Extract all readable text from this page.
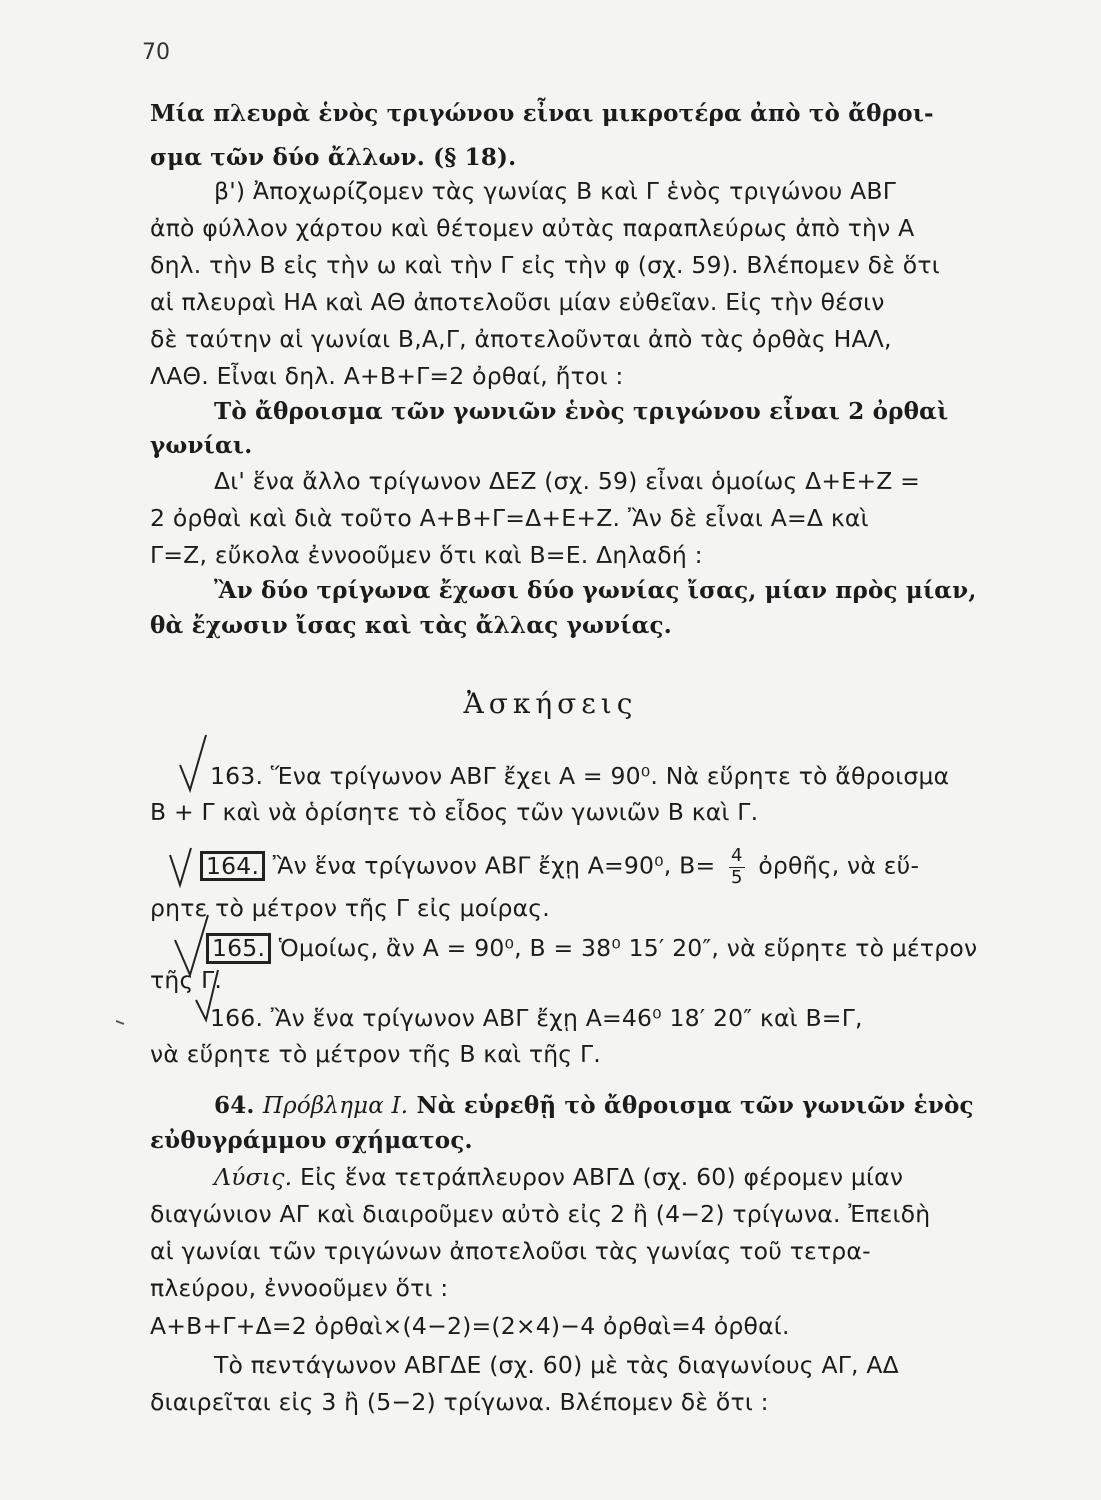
70
Μία πλευρὰ ἑνὸς τριγώνου εἶναι μικροτέρα ἀπὸ τὸ ἄθροι-
σμα τῶν δύο ἄλλων. (§ 18).
β') Ἀποχωρίζομεν τὰς γωνίας Β καὶ Γ ἑνὸς τριγώνου ΑΒΓ
ἀπὸ φύλλον χάρτου καὶ θέτομεν αὐτὰς παραπλεύρως ἀπὸ τὴν Α
δηλ. τὴν Β εἰς τὴν ω καὶ τὴν Γ εἰς τὴν φ (σχ. 59). Βλέπομεν δὲ ὅτι
αἱ πλευραὶ ΗΑ καὶ ΑΘ ἀποτελοῦσι μίαν εὐθεῖαν. Εἰς τὴν θέσιν
δὲ ταύτην αἱ γωνίαι Β,Α,Γ, ἀποτελοῦνται ἀπὸ τὰς ὀρθὰς ΗΑΛ,
ΛΑΘ. Εἶναι δηλ. Α+Β+Γ=2 ὀρθαί, ἤτοι :
Τὸ ἄθροισμα τῶν γωνιῶν ἑνὸς τριγώνου εἶναι 2 ὀρθαὶ
γωνίαι.
Δι' ἕνα ἄλλο τρίγωνον ΔΕΖ (σχ. 59) εἶναι ὁμοίως Δ+Ε+Ζ =
2 ὀρθαὶ καὶ διὰ τοῦτο Α+Β+Γ=Δ+Ε+Ζ. Ἂν δὲ εἶναι Α=Δ καὶ
Γ=Ζ, εὔκολα ἐννοοῦμεν ὅτι καὶ Β=Ε. Δηλαδή :
Ἂν δύο τρίγωνα ἔχωσι δύο γωνίας ἴσας, μίαν πρὸς μίαν,
θὰ ἔχωσιν ἴσας καὶ τὰς ἄλλας γωνίας.
Ἀσκήσεις
163. Ἕνα τρίγωνον ΑΒΓ ἔχει Α = 90⁰. Νὰ εὕρητε τὸ ἄθροισμα
Β + Γ καὶ νὰ ὁρίσητε τὸ εἶδος τῶν γωνιῶν Β καὶ Γ.
164. Ἂν ἕνα τρίγωνον ΑΒΓ ἔχῃ Α=90⁰, $B= \frac{4}{5}$ ὀρθῆς, νὰ εὕ-
ρητε τὸ μέτρον τῆς Γ εἰς μοίρας.
165. Ὁμοίως, ἂν Α = 90⁰, Β = 38⁰ 15′ 20″, νὰ εὕρητε τὸ μέτρον
τῆς Γ.
166. Ἂν ἕνα τρίγωνον ΑΒΓ ἔχῃ Α=46⁰ 18′ 20″ καὶ Β=Γ,
νὰ εὕρητε τὸ μέτρον τῆς Β καὶ τῆς Γ.
64. Πρόβλημα Ι. Νὰ εὑρεθῇ τὸ ἄθροισμα τῶν γωνιῶν ἑνὸς
εὐθυγράμμου σχήματος.
Λύσις. Εἰς ἕνα τετράπλευρον ΑΒΓΔ (σχ. 60) φέρομεν μίαν
διαγώνιον ΑΓ καὶ διαιροῦμεν αὐτὸ εἰς 2 ἢ (4−2) τρίγωνα. Ἐπειδὴ
αἱ γωνίαι τῶν τριγώνων ἀποτελοῦσι τὰς γωνίας τοῦ τετρα-
πλεύρου, ἐννοοῦμεν ὅτι :
Α+Β+Γ+Δ=2 ὀρθαὶ×(4−2)=(2×4)−4 ὀρθαὶ=4 ὀρθαί.
Τὸ πεντάγωνον ΑΒΓΔΕ (σχ. 60) μὲ τὰς διαγωνίους ΑΓ, ΑΔ
διαιρεῖται εἰς 3 ἢ (5−2) τρίγωνα. Βλέπομεν δὲ ὅτι :
